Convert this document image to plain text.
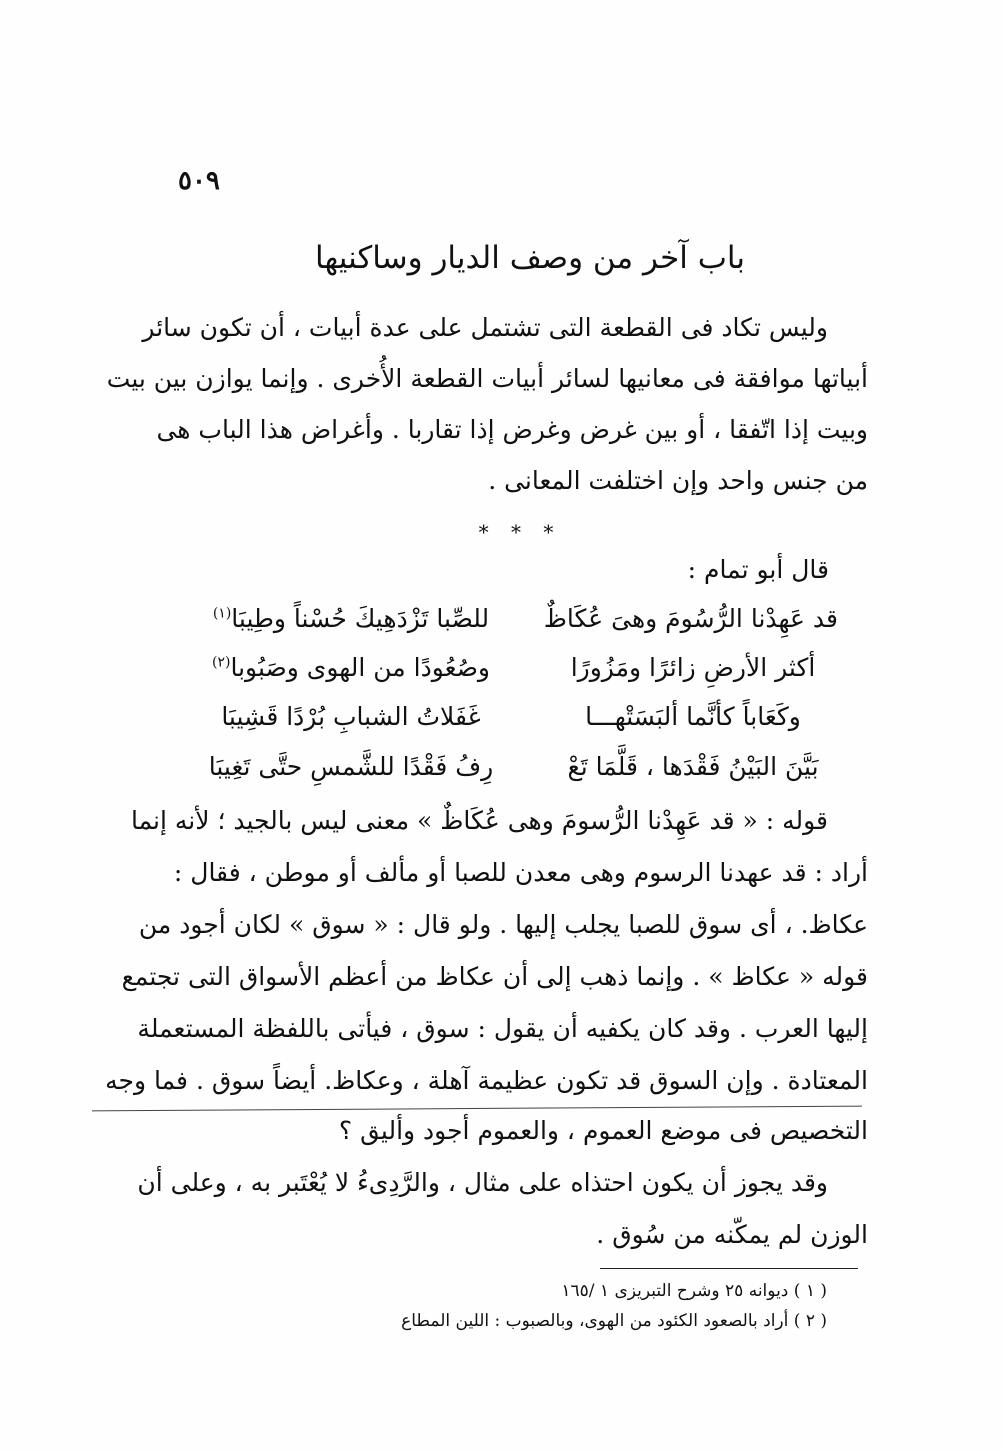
٥٠٩
باب آخر من وصف الديار وساكنيها
وليس تكاد فى القطعة التى تشتمل على عدة أبيات ، أن تكون سائر
أبياتها موافقة فى معانيها لسائر أبيات القطعة الأُخرى . وإنما يوازن بين بيت
وبيت إذا اتّفقا ، أو بين غرض وغرض إذا تقاربا . وأغراض هذا الباب هى
من جنس واحد وإن اختلفت المعانى .
* * *
قال أبو تمام :
قد عَهِدْنا الرُّسُومَ وهىَ عُكَاظٌ
للصِّبا تَزْدَهِيكَ حُسْناً وطِيبَا$^{(١)}$
أكثر الأرضِ زائرًا ومَزُورًا
وصُعُودًا من الهوى وصَبُوبا$^{(٢)}$
وكَعَاباً كأنَّما ألبَسَتْهـــا
غَفَلاتُ الشبابِ بُرْدًا قَشِيبَا
بَيَّنَ البَيْنُ فَقْدَها ، قَلَّمَا تَعْ
رِفُ فَقْدًا للشَّمسِ حتَّى تَغِيبَا
قوله : « قد عَهِدْنا الرُّسومَ وهى عُكَاظٌ » معنى ليس بالجيد ؛ لأنه إنما
أراد : قد عهدنا الرسوم وهى معدن للصبا أو مألف أو موطن ، فقال :
عكاظ. ، أى سوق للصبا يجلب إليها . ولو قال : « سوق » لكان أجود من
قوله « عكاظ » . وإنما ذهب إلى أن عكاظ من أعظم الأسواق التى تجتمع
إليها العرب . وقد كان يكفيه أن يقول : سوق ، فيأتى باللفظة المستعملة
المعتادة . وإن السوق قد تكون عظيمة آهلة ، وعكاظ. أيضاً سوق . فما وجه
التخصيص فى موضع العموم ، والعموم أجود وأليق ؟
وقد يجوز أن يكون احتذاه على مثال ، والرَّدِىءُ لا يُعْتَبر به ، وعلى أن
الوزن لم يمكّنه من سُوق .
( ١ ) ديوانه ٢٥ وشرح التبريزى ١ /١٦٥
( ٢ ) أراد بالصعود الكئود من الهوى، وبالصبوب : اللين المطاع
